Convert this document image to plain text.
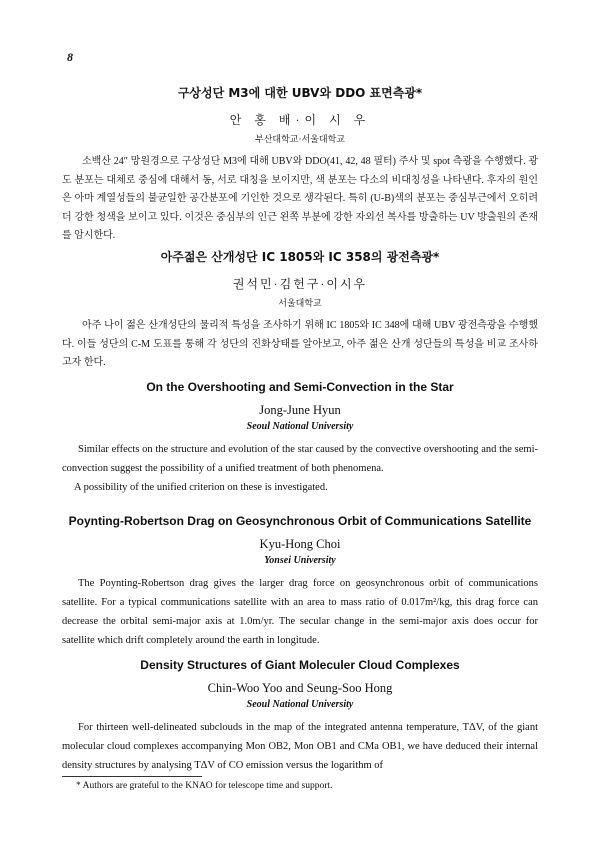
8
구상성단 M3에 대한 UBV와 DDO 표면측광*
안 홍 배·이 시 우
부산대학교·서울대학교
소백산 24″ 망원경으로 구상성단 M3에 대해 UBV와 DDO(41, 42, 48 필터) 주사 및 spot 측광을 수행했다. 광도 분포는 대체로 중심에 대해서 동, 서로 대칭을 보이지만, 색 분포는 다소의 비대칭성을 나타낸다. 후자의 원인은 아마 계열성들의 불균일한 공간분포에 기인한 것으로 생각된다. 특히 (U-B)색의 분포는 중심부근에서 오히려 더 강한 청색을 보이고 있다. 이것은 중심부의 인근 왼쪽 부분에 강한 자외선 복사를 방출하는 UV 방출원의 존재를 암시한다.
아주젊은 산개성단 IC 1805와 IC 358의 광전측광*
권석민·김헌구·이시우
서울대학교
아주 나이 젊은 산개성단의 물리적 특성을 조사하기 위해 IC 1805와 IC 348에 대해 UBV 광전측광을 수행했다. 이들 성단의 C-M 도표를 통해 각 성단의 진화상태를 알아보고, 아주 젊은 산개 성단들의 특성을 비교 조사하고자 한다.
On the Overshooting and Semi-Convection in the Star
Jong-June Hyun
Seoul National University

Similar effects on the structure and evolution of the star caused by the convective overshooting and the semi-convection suggest the possibility of a unified treatment of both phenomena.

A possibility of the unified criterion on these is investigated.

Poynting-Robertson Drag on Geosynchronous Orbit of Communications Satellite
Kyu-Hong Choi
Yonsei University

The Poynting-Robertson drag gives the larger drag force on geosynchronous orbit of communications satellite. For a typical communications satellite with an area to mass ratio of 0.017m²/kg, this drag force can decrease the orbital semi-major axis at 1.0m/yr. The secular change in the semi-major axis does occur for satellite which drift completely around the earth in longitude.

Density Structures of Giant Moleculer Cloud Complexes
Chin-Woo Yoo and Seung-Soo Hong
Seoul National University

For thirteen well-delineated subclouds in the map of the integrated antenna temperature, TΔV, of the giant molecular cloud complexes accompanying Mon OB2, Mon OB1 and CMa OB1, we have deduced their internal density structures by analysing TΔV of CO emission versus the logarithm of

* Authors are grateful to the KNAO for telescope time and support.
